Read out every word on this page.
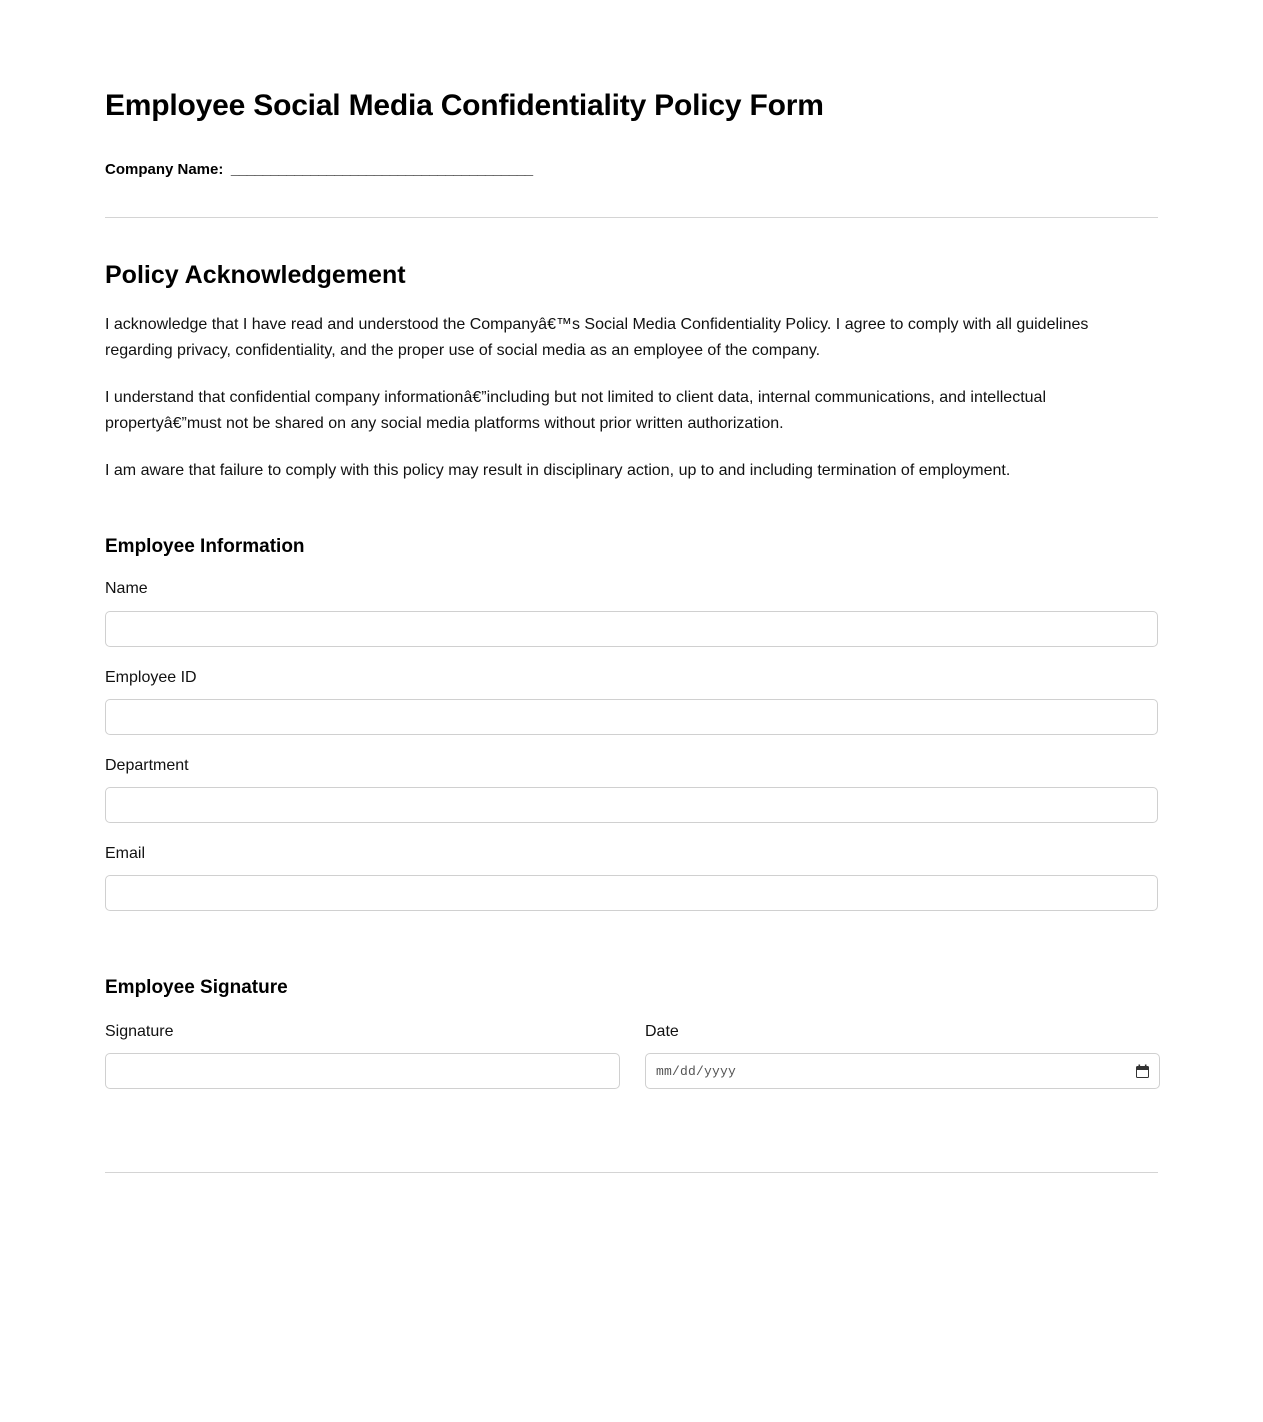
Employee Social Media Confidentiality Policy Form

Company Name:  ______________________________________

Policy Acknowledgement

I acknowledge that I have read and understood the Companyâ€™s Social Media Confidentiality Policy. I agree to comply with all guidelines regarding privacy, confidentiality, and the proper use of social media as an employee of the company.

I understand that confidential company informationâ€”including but not limited to client data, internal communications, and intellectual propertyâ€”must not be shared on any social media platforms without prior written authorization.

I am aware that failure to comply with this policy may result in disciplinary action, up to and including termination of employment.

Employee Information
Name
Employee ID
Department
Email
Employee Signature
Signature	Date
mm/dd/yyyy
